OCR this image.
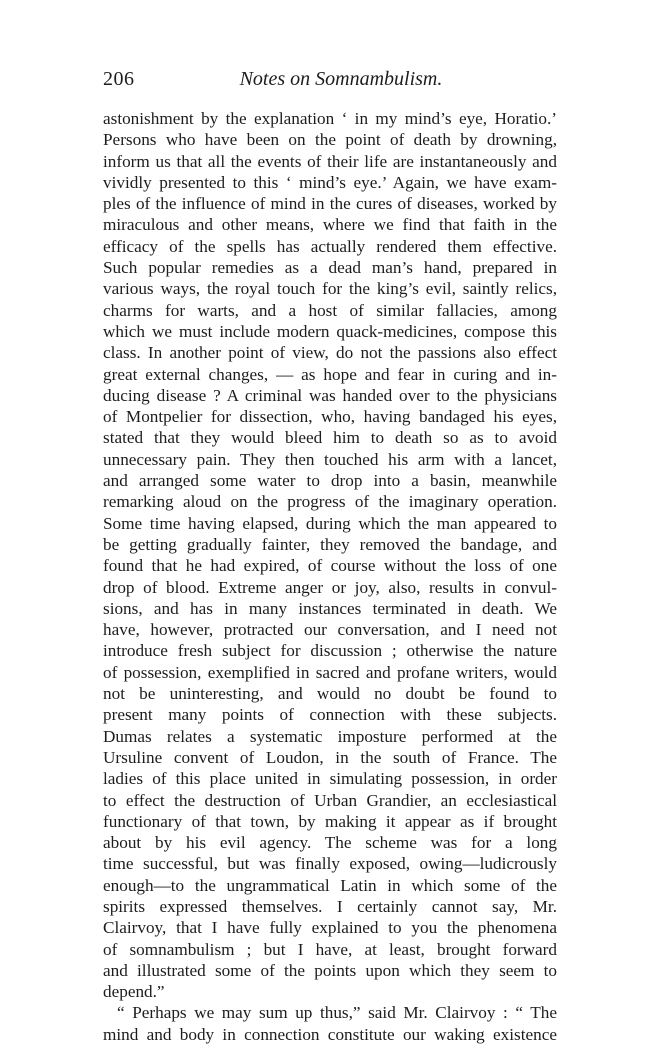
206	Notes on Somnambulism.
astonishment by the explanation ‘ in my mind’s eye, Horatio.’
Persons who have been on the point of death by drowning,
inform us that all the events of their life are instantaneously and
vividly presented to this ‘ mind’s eye.’ Again, we have exam-
ples of the influence of mind in the cures of diseases, worked by
miraculous and other means, where we find that faith in the
efficacy of the spells has actually rendered them effective.
Such popular remedies as a dead man’s hand, prepared in
various ways, the royal touch for the king’s evil, saintly relics,
charms for warts, and a host of similar fallacies, among
which we must include modern quack-medicines, compose this
class. In another point of view, do not the passions also effect
great external changes, — as hope and fear in curing and in-
ducing disease ? A criminal was handed over to the physicians
of Montpelier for dissection, who, having bandaged his eyes,
stated that they would bleed him to death so as to avoid
unnecessary pain. They then touched his arm with a lancet,
and arranged some water to drop into a basin, meanwhile
remarking aloud on the progress of the imaginary operation.
Some time having elapsed, during which the man appeared to
be getting gradually fainter, they removed the bandage, and
found that he had expired, of course without the loss of one
drop of blood. Extreme anger or joy, also, results in convul-
sions, and has in many instances terminated in death. We
have, however, protracted our conversation, and I need not
introduce fresh subject for discussion ; otherwise the nature
of possession, exemplified in sacred and profane writers, would
not be uninteresting, and would no doubt be found to
present many points of connection with these subjects.
Dumas relates a systematic imposture performed at the
Ursuline convent of Loudon, in the south of France. The
ladies of this place united in simulating possession, in order
to effect the destruction of Urban Grandier, an ecclesiastical
functionary of that town, by making it appear as if brought
about by his evil agency. The scheme was for a long
time successful, but was finally exposed, owing—ludicrously
enough—to the ungrammatical Latin in which some of the
spirits expressed themselves. I certainly cannot say, Mr.
Clairvoy, that I have fully explained to you the phenomena
of somnambulism ; but I have, at least, brought forward
and illustrated some of the points upon which they seem to
depend.”
“ Perhaps we may sum up thus,” said Mr. Clairvoy : “ The
mind and body in connection constitute our waking existence
